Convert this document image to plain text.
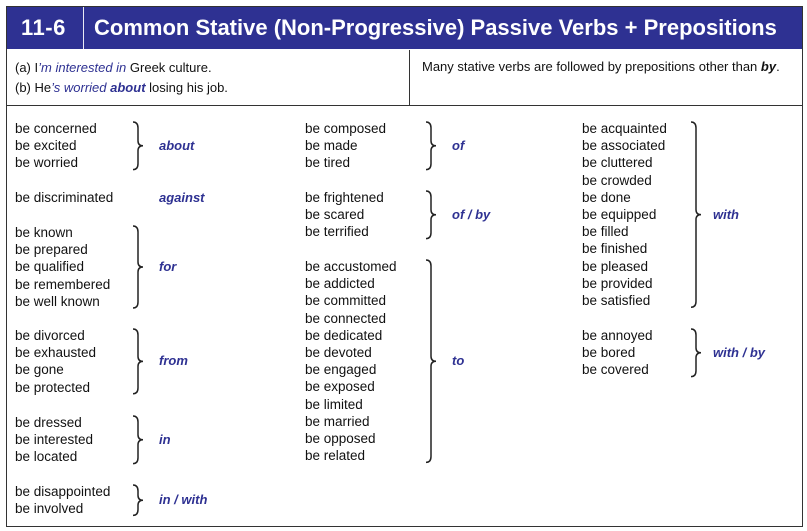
11-6	Common Stative (Non-Progressive) Passive Verbs + Prepositions
(a) I’m interested in Greek culture.
(b) He’s worried about losing his job.
Many stative verbs are followed by prepositions other than by.
be concerned
be excited
be worried
about
be discriminated	against
be known
be prepared
be qualified
be remembered
be well known
for
be divorced
be exhausted
be gone
be protected
from
be dressed
be interested
be located
in
be disappointed
be involved
in / with
be composed
be made
be tired
of
be frightened
be scared
be terrified
of / by
be accustomed
be addicted
be committed
be connected
be dedicated
be devoted
be engaged
be exposed
be limited
be married
be opposed
be related
to
be acquainted
be associated
be cluttered
be crowded
be done
be equipped
be filled
be finished
be pleased
be provided
be satisfied
with
be annoyed
be bored
be covered
with / by
